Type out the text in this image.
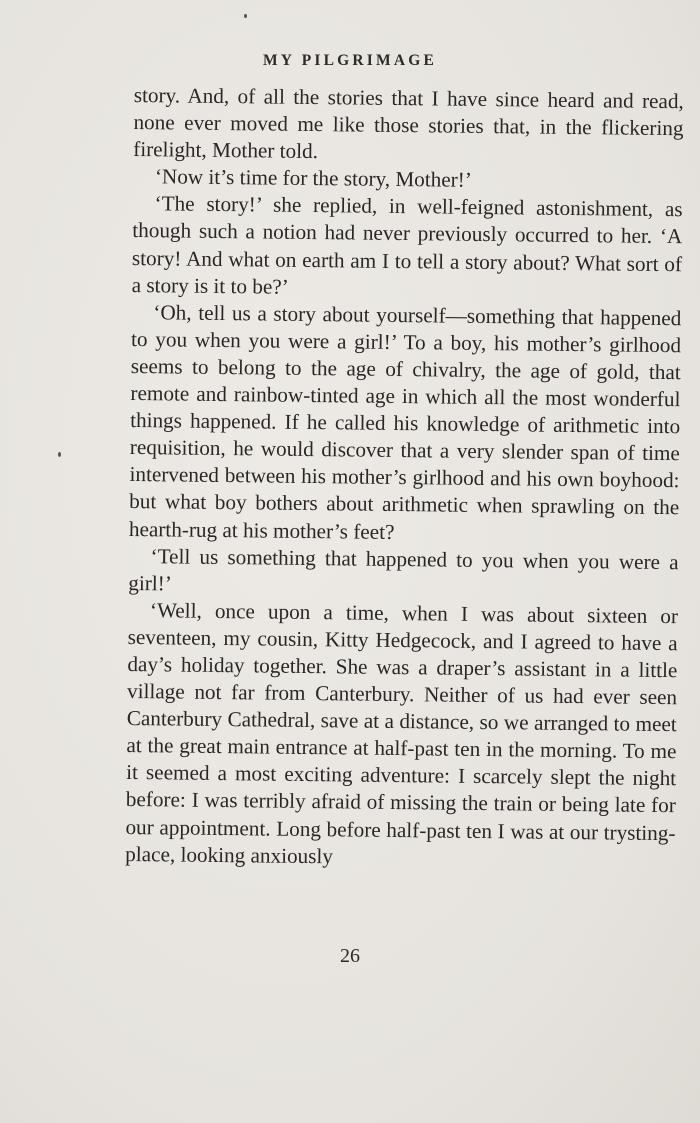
MY PILGRIMAGE

story. And, of all the stories that I have since heard and read, none ever moved me like those stories that, in the flickering firelight, Mother told.

‘Now it’s time for the story, Mother!’

‘The story!’ she replied, in well-feigned astonishment, as though such a notion had never previously occurred to her. ‘A story! And what on earth am I to tell a story about? What sort of a story is it to be?’

‘Oh, tell us a story about yourself—something that happened to you when you were a girl!’ To a boy, his mother’s girlhood seems to belong to the age of chivalry, the age of gold, that remote and rainbow-tinted age in which all the most wonderful things happened. If he called his knowledge of arithmetic into requisition, he would discover that a very slender span of time intervened between his mother’s girlhood and his own boyhood: but what boy bothers about arithmetic when sprawling on the hearth-rug at his mother’s feet?

‘Tell us something that happened to you when you were a girl!’

‘Well, once upon a time, when I was about sixteen or seventeen, my cousin, Kitty Hedgecock, and I agreed to have a day’s holiday together. She was a draper’s assistant in a little village not far from Canterbury. Neither of us had ever seen Canterbury Cathedral, save at a distance, so we arranged to meet at the great main entrance at half-past ten in the morning. To me it seemed a most exciting adventure: I scarcely slept the night before: I was terribly afraid of missing the train or being late for our appointment. Long before half-past ten I was at our trysting-place, looking anxiously

26
